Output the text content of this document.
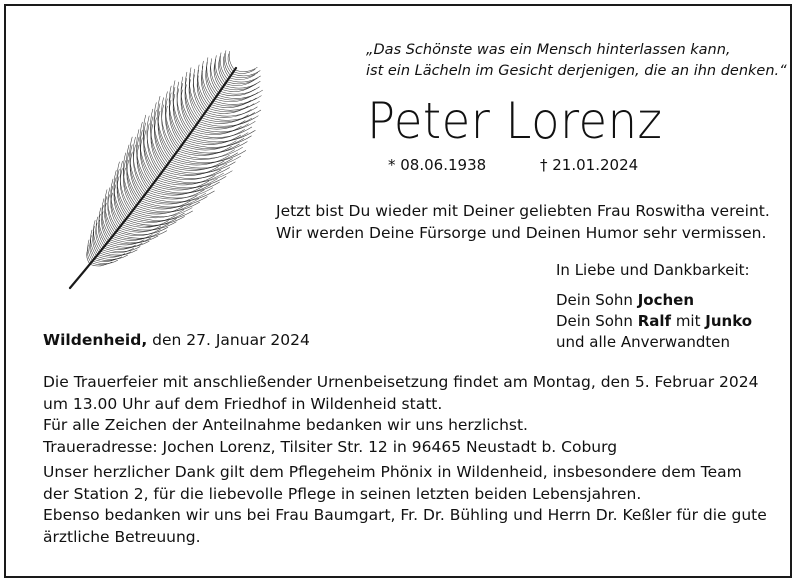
„Das Schönste was ein Mensch hinterlassen kann,
ist ein Lächeln im Gesicht derjenigen, die an ihn denken.“
Peter Lorenz
* 08.06.1938	† 21.01.2024
Jetzt bist Du wieder mit Deiner geliebten Frau Roswitha vereint.
Wir werden Deine Fürsorge und Deinen Humor sehr vermissen.
In Liebe und Dankbarkeit:
Dein Sohn Jochen
Dein Sohn Ralf mit Junko
und alle Anverwandten
Wildenheid, den 27. Januar 2024
Die Trauerfeier mit anschließender Urnenbeisetzung findet am Montag, den 5. Februar 2024
um 13.00 Uhr auf dem Friedhof in Wildenheid statt.
Für alle Zeichen der Anteilnahme bedanken wir uns herzlichst.
Traueradresse: Jochen Lorenz, Tilsiter Str. 12 in 96465 Neustadt b. Coburg
Unser herzlicher Dank gilt dem Pflegeheim Phönix in Wildenheid, insbesondere dem Team
der Station 2, für die liebevolle Pflege in seinen letzten beiden Lebensjahren.
Ebenso bedanken wir uns bei Frau Baumgart, Fr. Dr. Bühling und Herrn Dr. Keßler für die gute
ärztliche Betreuung.
